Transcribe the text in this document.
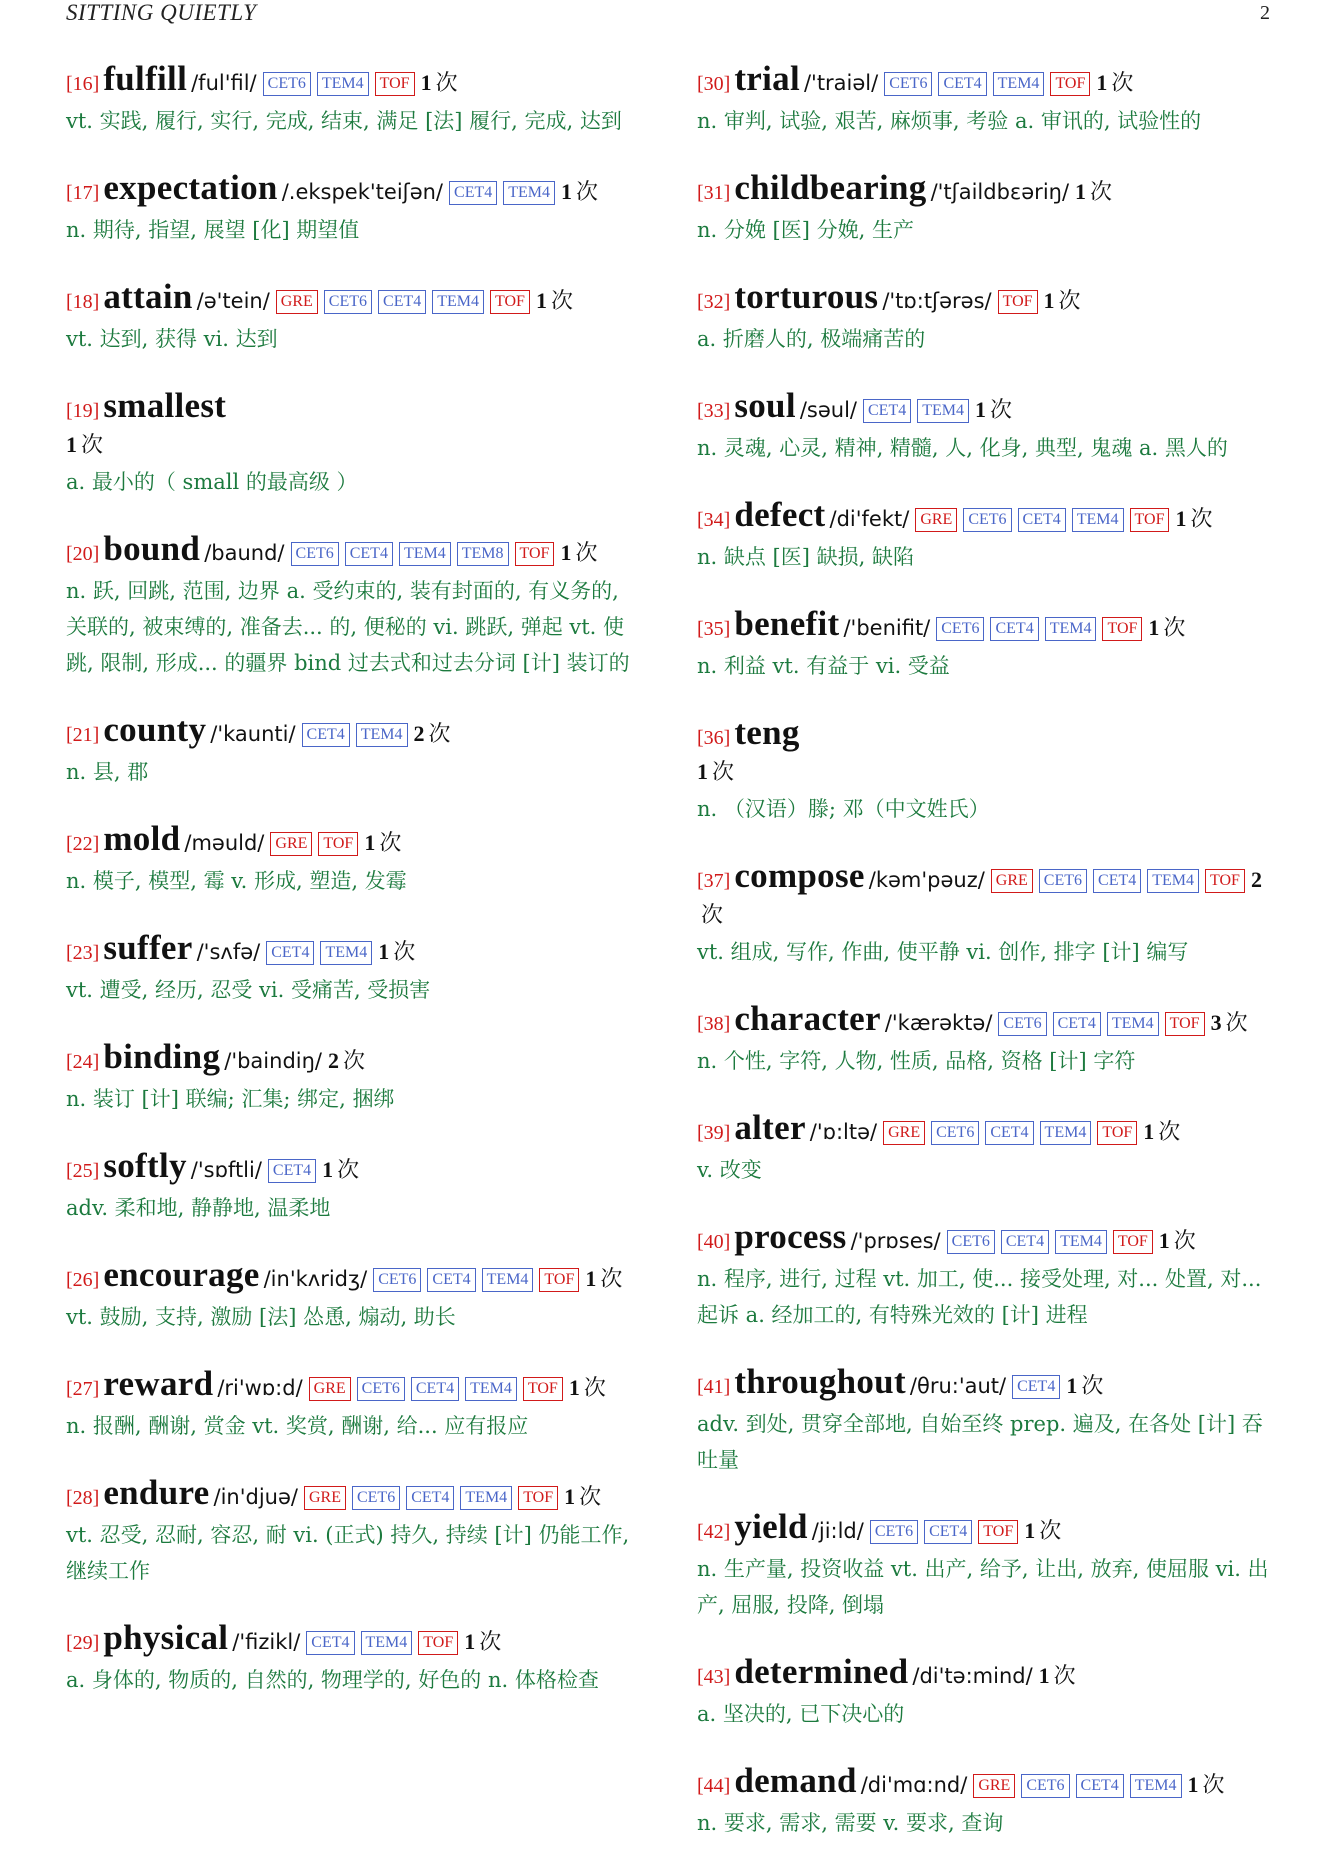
SITTING QUIETLY	2
[16] fulfill /ful'fil/ CET6 TEM4 TOF 1 次
vt. 实践, 履行, 实行, 完成, 结束, 满足 [法] 履行, 完成, 达到
[17] expectation /.ekspek'teiʃən/ CET4 TEM4 1 次
n. 期待, 指望, 展望 [化] 期望值
[18] attain /ə'tein/ GRE CET6 CET4 TEM4 TOF 1 次
vt. 达到, 获得 vi. 达到
[19] smallest
1 次
a. 最小的（ small 的最高级 ）
[20] bound /baund/ CET6 CET4 TEM4 TEM8 TOF 1 次
n. 跃, 回跳, 范围, 边界 a. 受约束的, 装有封面的, 有义务的, 关联的, 被束缚的, 准备去... 的, 便秘的 vi. 跳跃, 弹起 vt. 使跳, 限制, 形成... 的疆界 bind 过去式和过去分词 [计] 装订的
[21] county /'kaunti/ CET4 TEM4 2 次
n. 县, 郡
[22] mold /məuld/ GRE TOF 1 次
n. 模子, 模型, 霉 v. 形成, 塑造, 发霉
[23] suffer /'sʌfə/ CET4 TEM4 1 次
vt. 遭受, 经历, 忍受 vi. 受痛苦, 受损害
[24] binding /'baindiŋ/ 2 次
n. 装订 [计] 联编; 汇集; 绑定, 捆绑
[25] softly /'sɒftli/ CET4 1 次
adv. 柔和地, 静静地, 温柔地
[26] encourage /in'kʌridʒ/ CET6 CET4 TEM4 TOF 1 次
vt. 鼓励, 支持, 激励 [法] 怂恿, 煽动, 助长
[27] reward /ri'wɒ:d/ GRE CET6 CET4 TEM4 TOF 1 次
n. 报酬, 酬谢, 赏金 vt. 奖赏, 酬谢, 给... 应有报应
[28] endure /in'djuə/ GRE CET6 CET4 TEM4 TOF 1 次
vt. 忍受, 忍耐, 容忍, 耐 vi. (正式) 持久, 持续 [计] 仍能工作, 继续工作
[29] physical /'fizikl/ CET4 TEM4 TOF 1 次
a. 身体的, 物质的, 自然的, 物理学的, 好色的 n. 体格检查
[30] trial /'traiəl/ CET6 CET4 TEM4 TOF 1 次
n. 审判, 试验, 艰苦, 麻烦事, 考验 a. 审讯的, 试验性的
[31] childbearing /'tʃaildbεəriŋ/ 1 次
n. 分娩 [医] 分娩, 生产
[32] torturous /'tɒ:tʃərəs/ TOF 1 次
a. 折磨人的, 极端痛苦的
[33] soul /səul/ CET4 TEM4 1 次
n. 灵魂, 心灵, 精神, 精髓, 人, 化身, 典型, 鬼魂 a. 黑人的
[34] defect /di'fekt/ GRE CET6 CET4 TEM4 TOF 1 次
n. 缺点 [医] 缺损, 缺陷
[35] benefit /'benifit/ CET6 CET4 TEM4 TOF 1 次
n. 利益 vt. 有益于 vi. 受益
[36] teng
1 次
n. （汉语）滕; 邓（中文姓氏）
[37] compose /kəm'pəuz/ GRE CET6 CET4 TEM4 TOF 2次
vt. 组成, 写作, 作曲, 使平静 vi. 创作, 排字 [计] 编写
[38] character /'kærəktə/ CET6 CET4 TEM4 TOF 3 次
n. 个性, 字符, 人物, 性质, 品格, 资格 [计] 字符
[39] alter /'ɒ:ltə/ GRE CET6 CET4 TEM4 TOF 1 次
v. 改变
[40] process /'prɒses/ CET6 CET4 TEM4 TOF 1 次
n. 程序, 进行, 过程 vt. 加工, 使... 接受处理, 对... 处置, 对... 起诉 a. 经加工的, 有特殊光效的 [计] 进程
[41] throughout /θru:'aut/ CET4 1 次
adv. 到处, 贯穿全部地, 自始至终 prep. 遍及, 在各处 [计] 吞吐量
[42] yield /ji:ld/ CET6 CET4 TOF 1 次
n. 生产量, 投资收益 vt. 出产, 给予, 让出, 放弃, 使屈服 vi. 出产, 屈服, 投降, 倒塌
[43] determined /di'tə:mind/ 1 次
a. 坚决的, 已下决心的
[44] demand /di'mɑ:nd/ GRE CET6 CET4 TEM4 1 次
n. 要求, 需求, 需要 v. 要求, 查询
